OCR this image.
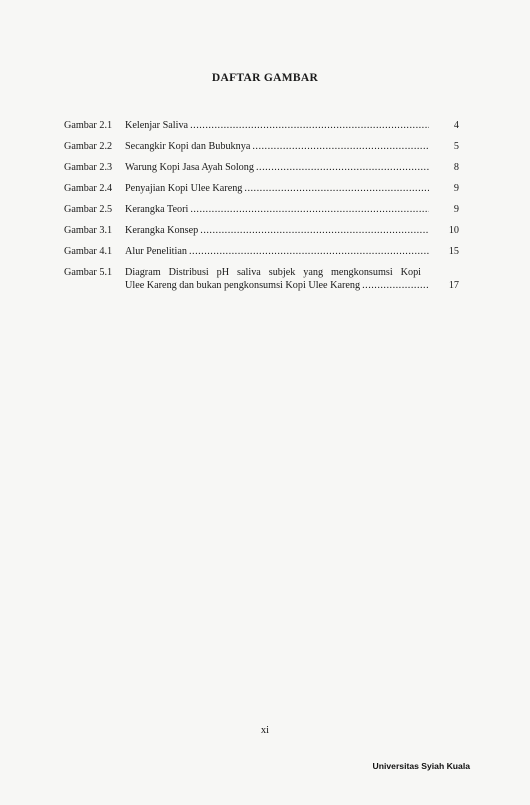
DAFTAR GAMBAR
Gambar 2.1	Kelenjar Saliva .....	4
Gambar 2.2	Secangkir Kopi dan Bubuknya .....	5
Gambar 2.3	Warung Kopi Jasa Ayah Solong .....	8
Gambar 2.4	Penyajian Kopi Ulee Kareng .....	9
Gambar 2.5	Kerangka Teori .....	9
Gambar 3.1	Kerangka Konsep .....	10
Gambar 4.1	Alur Penelitian .....	15
Gambar 5.1	Diagram Distribusi pH saliva subjek yang mengkonsumsi Kopi
Ulee Kareng dan bukan pengkonsumsi Kopi Ulee Kareng .....	17
xi
Universitas Syiah Kuala
